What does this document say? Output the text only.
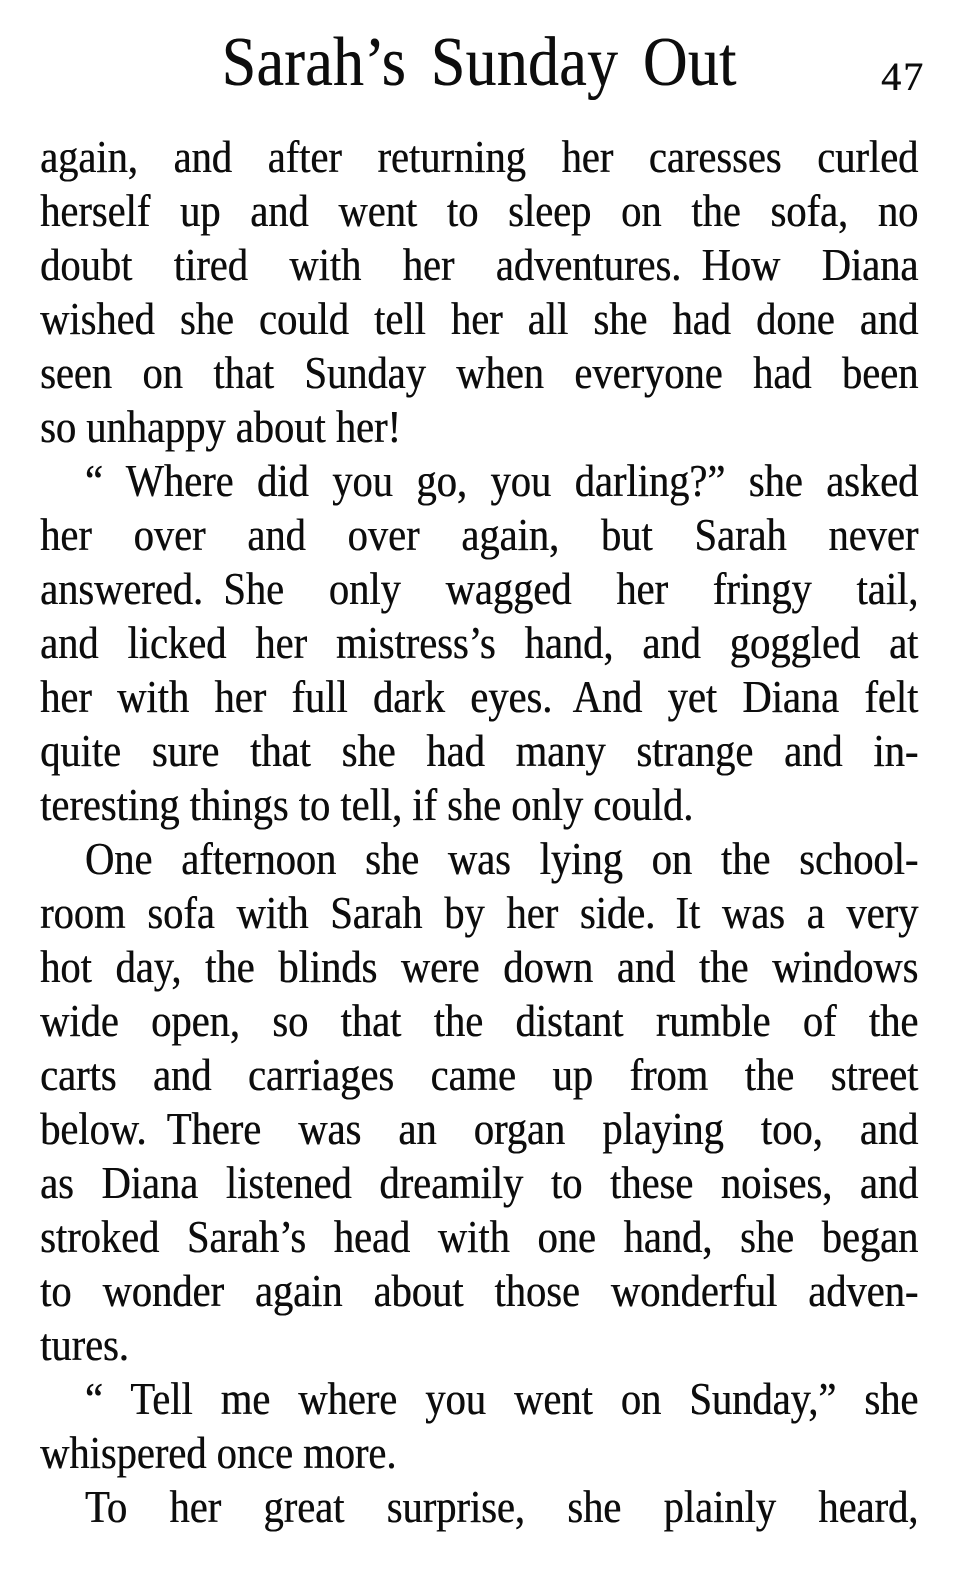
Sarah’s Sunday Out
again, and after returning her caresses curled
herself up and went to sleep on the sofa, no
doubt tired with her adventures. How Diana
wished she could tell her all she had done and
seen on that Sunday when everyone had been
so unhappy about her!
“ Where did you go, you darling?” she asked
her over and over again, but Sarah never
answered. She only wagged her fringy tail,
and licked her mistress’s hand, and goggled at
her with her full dark eyes. And yet Diana felt
quite sure that she had many strange and in-
teresting things to tell, if she only could.
One afternoon she was lying on the school-
room sofa with Sarah by her side. It was a very
hot day, the blinds were down and the windows
wide open, so that the distant rumble of the
carts and carriages came up from the street
below. There was an organ playing too, and
as Diana listened dreamily to these noises, and
stroked Sarah’s head with one hand, she began
to wonder again about those wonderful adven-
tures.
“ Tell me where you went on Sunday,” she
whispered once more.
To her great surprise, she plainly heard,
47
